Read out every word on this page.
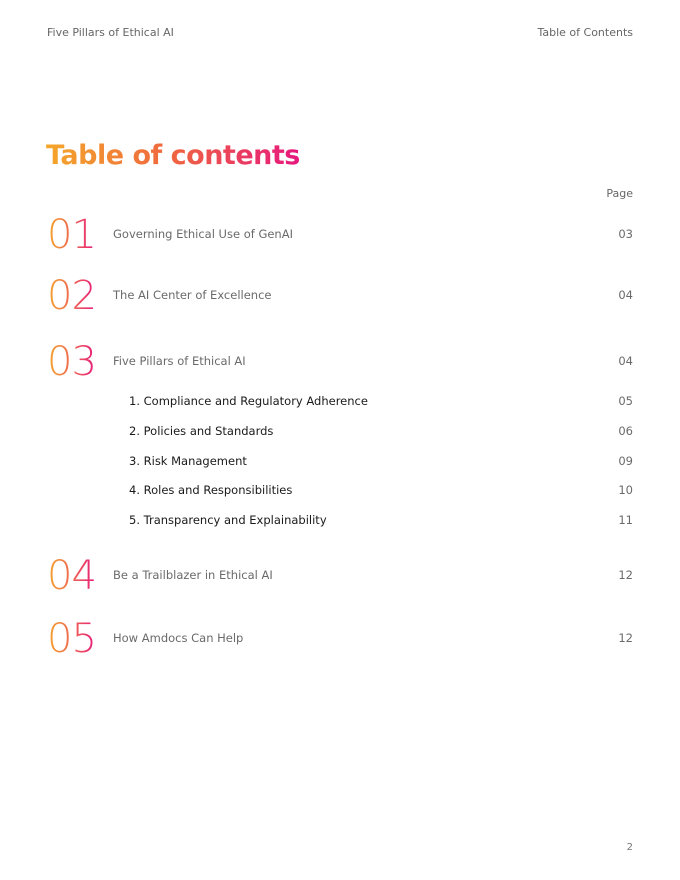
Five Pillars of Ethical AI	Table of Contents
Table of contents
Page
01 Governing Ethical Use of GenAI	03
02 The AI Center of Excellence	04
03 Five Pillars of Ethical AI	04
1. Compliance and Regulatory Adherence	05
2. Policies and Standards	06
3. Risk Management	09
4. Roles and Responsibilities	10
5. Transparency and Explainability	11
04 Be a Trailblazer in Ethical AI	12
05 How Amdocs Can Help	12
2
